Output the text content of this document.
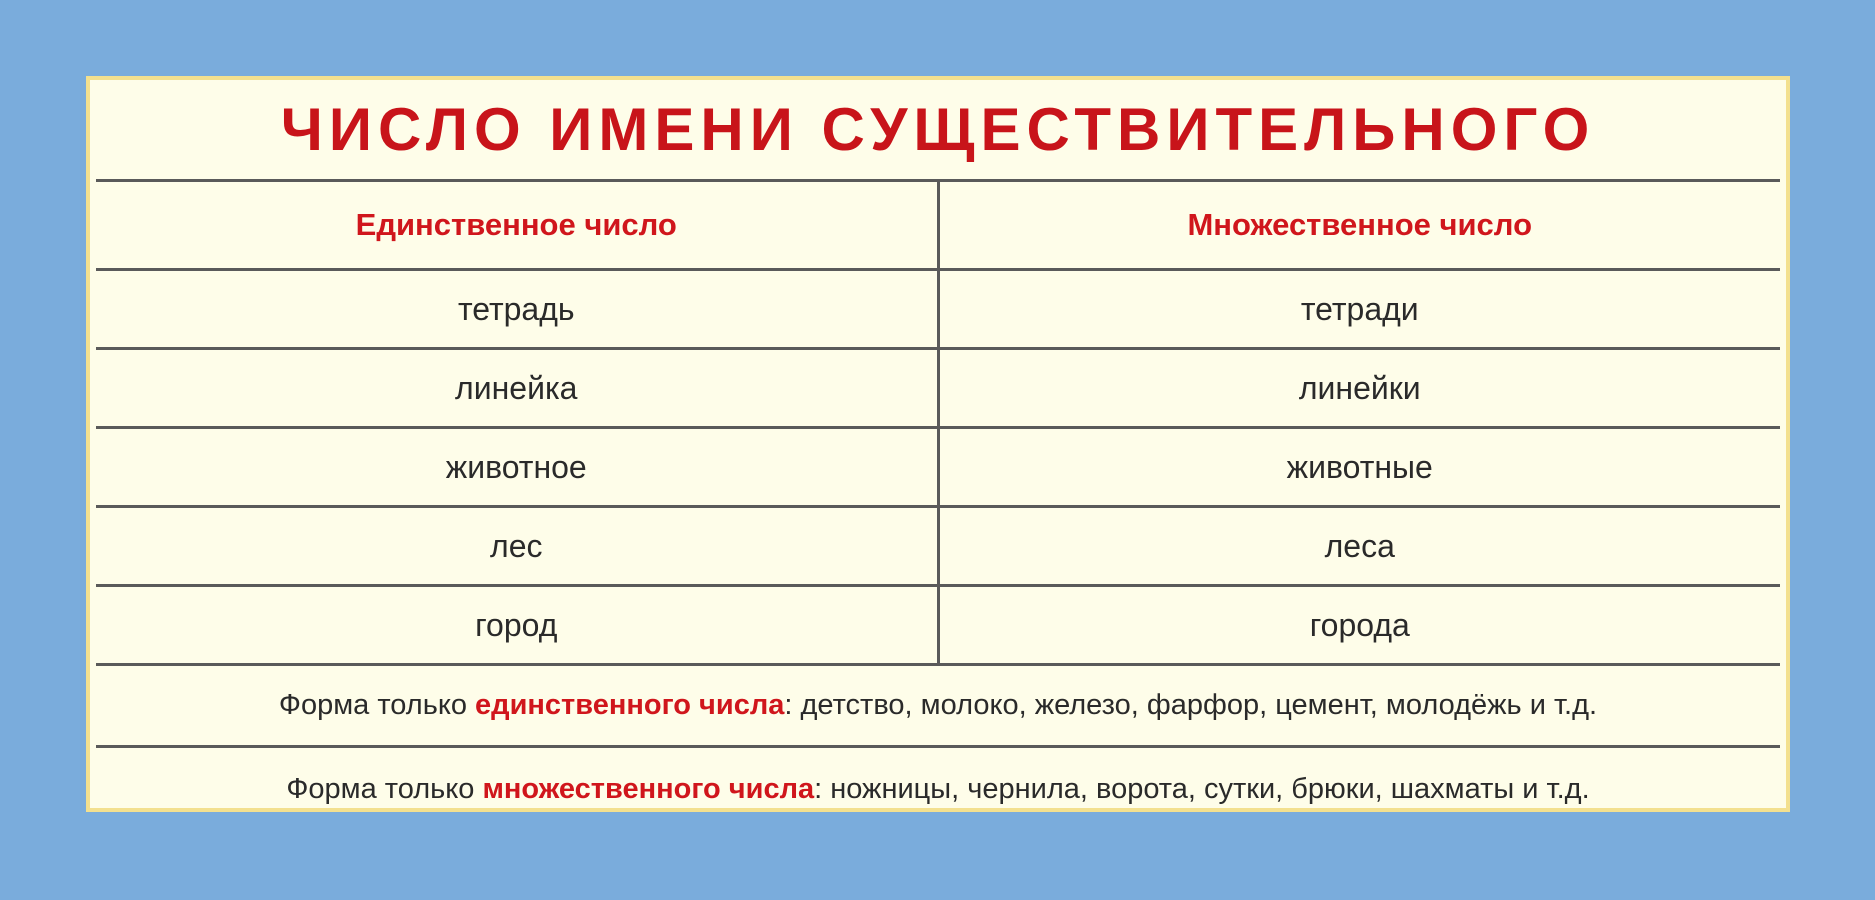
ЧИСЛО ИМЕНИ СУЩЕСТВИТЕЛЬНОГО
Единственное число	Множественное число
тетрадь	тетради
линейка	линейки
животное	животные
лес	леса
город	города
Форма только единственного числа : детство, молоко, железо, фарфор, цемент, молодёжь и т.д.
Форма только множественного числа : ножницы, чернила, ворота, сутки, брюки, шахматы и т.д.
